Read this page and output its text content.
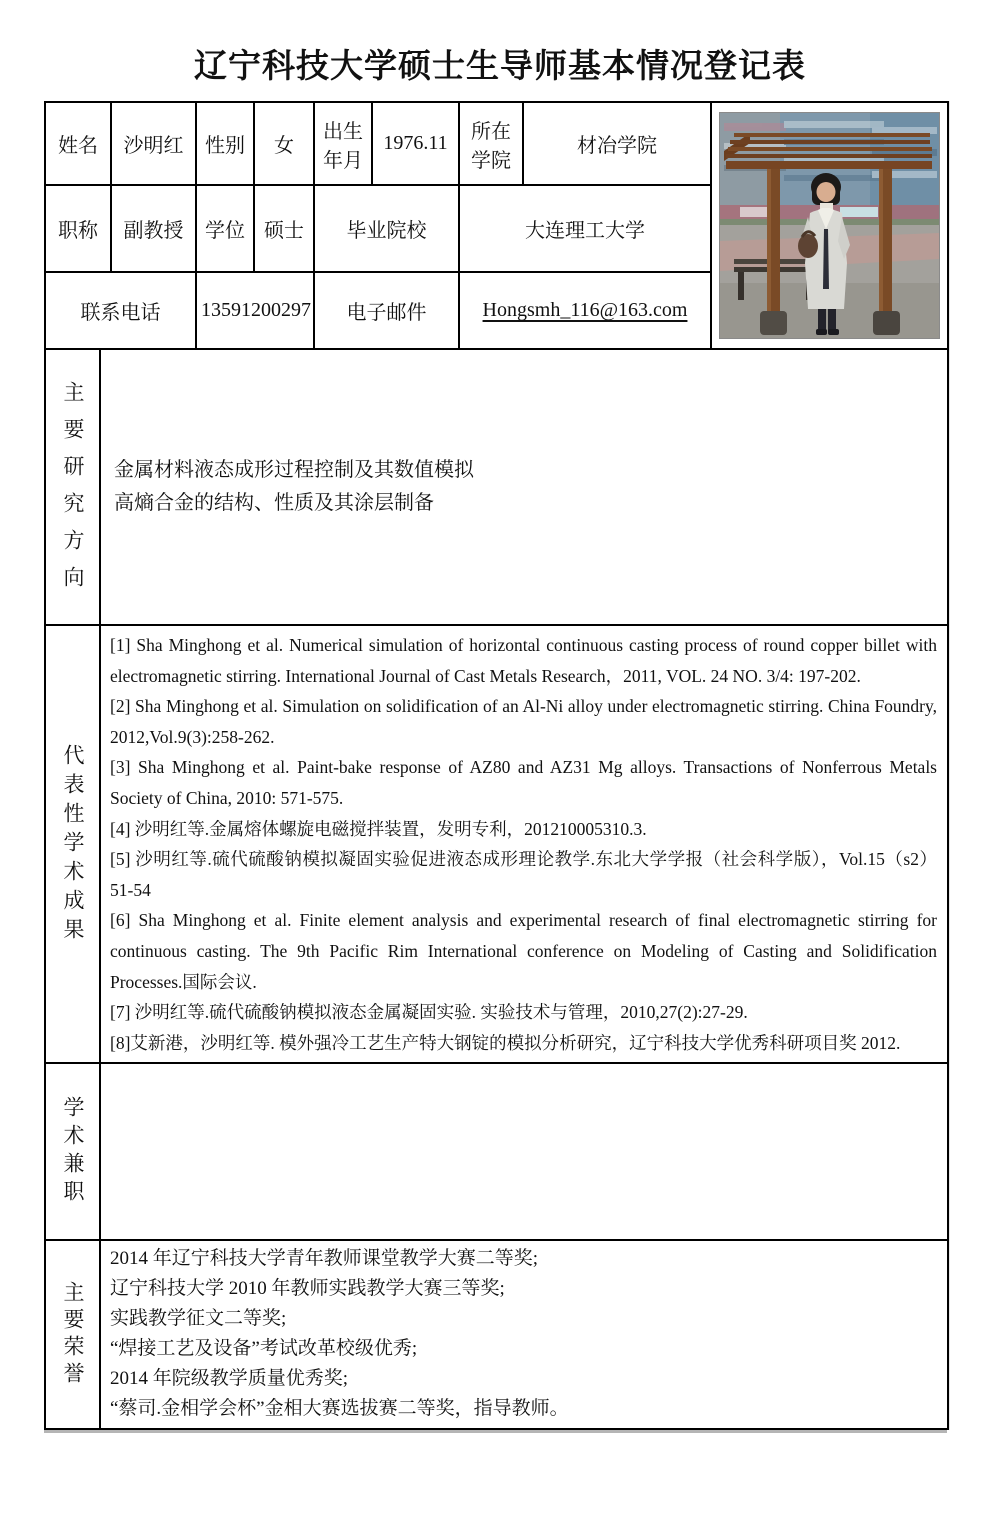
辽宁科技大学硕士生导师基本情况登记表
姓名	沙明红	性别	女	出生年月	1976.11	所在学院	材冶学院	

职称	副教授	学位	硕士	毕业院校		大连理工大学		
联系电话		13591200297		电子邮件		Hongsmh_116@163.com		
主要研究方向	金属材料液态成形过程控制及其数值模拟
高熵合金的结构、性质及其涂层制备

代表性学术成果	

[1] Sha Minghong et al. Numerical simulation of horizontal continuous casting process of round copper billet with electromagnetic stirring. International Journal of Cast Metals Research，2011, VOL. 24 NO. 3/4: 197-202.

[2] Sha Minghong et al. Simulation on solidification of an Al-Ni alloy under electromagnetic stirring. China Foundry, 2012,Vol.9(3):258-262.

[3] Sha Minghong et al. Paint-bake response of AZ80 and AZ31 Mg alloys. Transactions of Nonferrous Metals Society of China, 2010: 571-575.

[4] 沙明红等.金属熔体螺旋电磁搅拌装置，发明专利，201210005310.3.

[5] 沙明红等.硫代硫酸钠模拟凝固实验促进液态成形理论教学.东北大学学报（社会科学版），Vol.15（s2）51-54

[6] Sha Minghong et al. Finite element analysis and experimental research of final electromagnetic stirring for continuous casting. The 9th Pacific Rim International conference on Modeling of Casting and Solidification Processes.国际会议.

[7] 沙明红等.硫代硫酸钠模拟液态金属凝固实验. 实验技术与管理，2010,27(2):27-29.

[8]艾新港，沙明红等. 模外强冷工艺生产特大钢锭的模拟分析研究，辽宁科技大学优秀科研项目奖 2012.

学术兼职	
主要荣誉	
2014 年辽宁科技大学青年教师课堂教学大赛二等奖;
辽宁科技大学 2010 年教师实践教学大赛三等奖;
实践教学征文二等奖;
“焊接工艺及设备”考试改革校级优秀;
2014 年院级教学质量优秀奖;
“蔡司.金相学会杯”金相大赛选拔赛二等奖，指导教师。
